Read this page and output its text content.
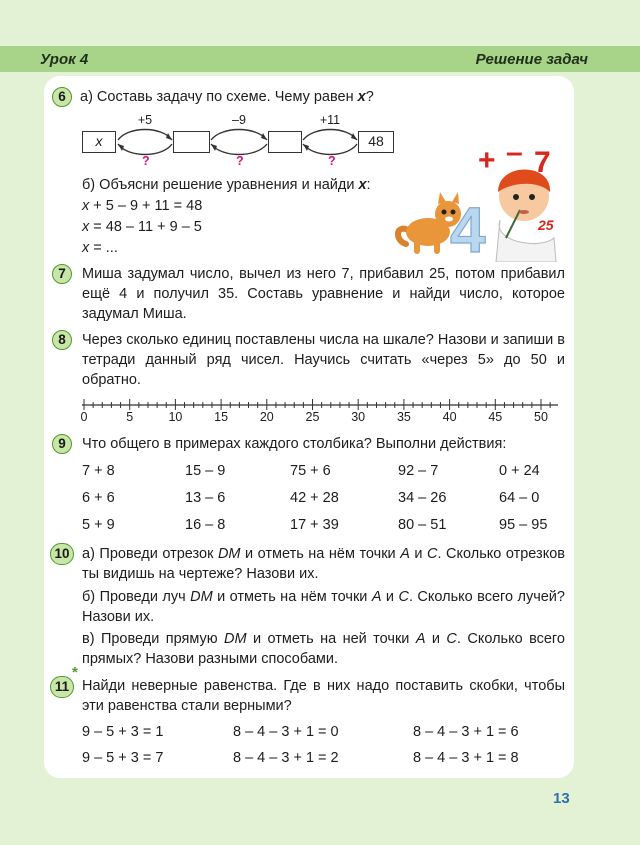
Урок 4	Решение задач
6 а) Составь задачу по схеме. Чему равен x?
x	48
+5	–9	+11
?	?	?
б) Объясни решение уравнения и найди x:
x + 5 – 9 + 11 = 48
x = 48 – 11 + 9 – 5
x = ...	4
+ – 7
25
7	Миша задумал число, вычел из него 7, прибавил 25, потом прибавил ещё 4 и получил 35. Составь уравнение и найди число, которое задумал Миша.
8	Через сколько единиц поставлены числа на шкале? Назови и запиши в тетради данный ряд чисел. Научись считать «через 5» до 50 и обратно.
0	5	10	15	20	25	30	35	40	45	50
9	Что общего в примерах каждого столбика? Выполни действия:
7 + 8	15 – 9	75 + 6	92 – 7	0 + 24
6 + 6	13 – 6	42 + 28	34 – 26	64 – 0
5 + 9	16 – 8	17 + 39	80 – 51	95 – 95
10 а) Проведи отрезок DM и отметь на нём точки A и C. Сколько отрезков ты видишь на чертеже? Назови их.
б) Проведи луч DM и отметь на нём точки A и C. Сколько всего лучей? Назови их.
в) Проведи прямую DM и отметь на ней точки A и C. Сколько всего прямых? Назови разными способами.
11
*
Найди неверные равенства. Где в них надо поставить скобки, чтобы эти равенства стали верными?
9 – 5 + 3 = 1	8 – 4 – 3 + 1 = 0	8 – 4 – 3 + 1 = 6
9 – 5 + 3 = 7	8 – 4 – 3 + 1 = 2	8 – 4 – 3 + 1 = 8
13
